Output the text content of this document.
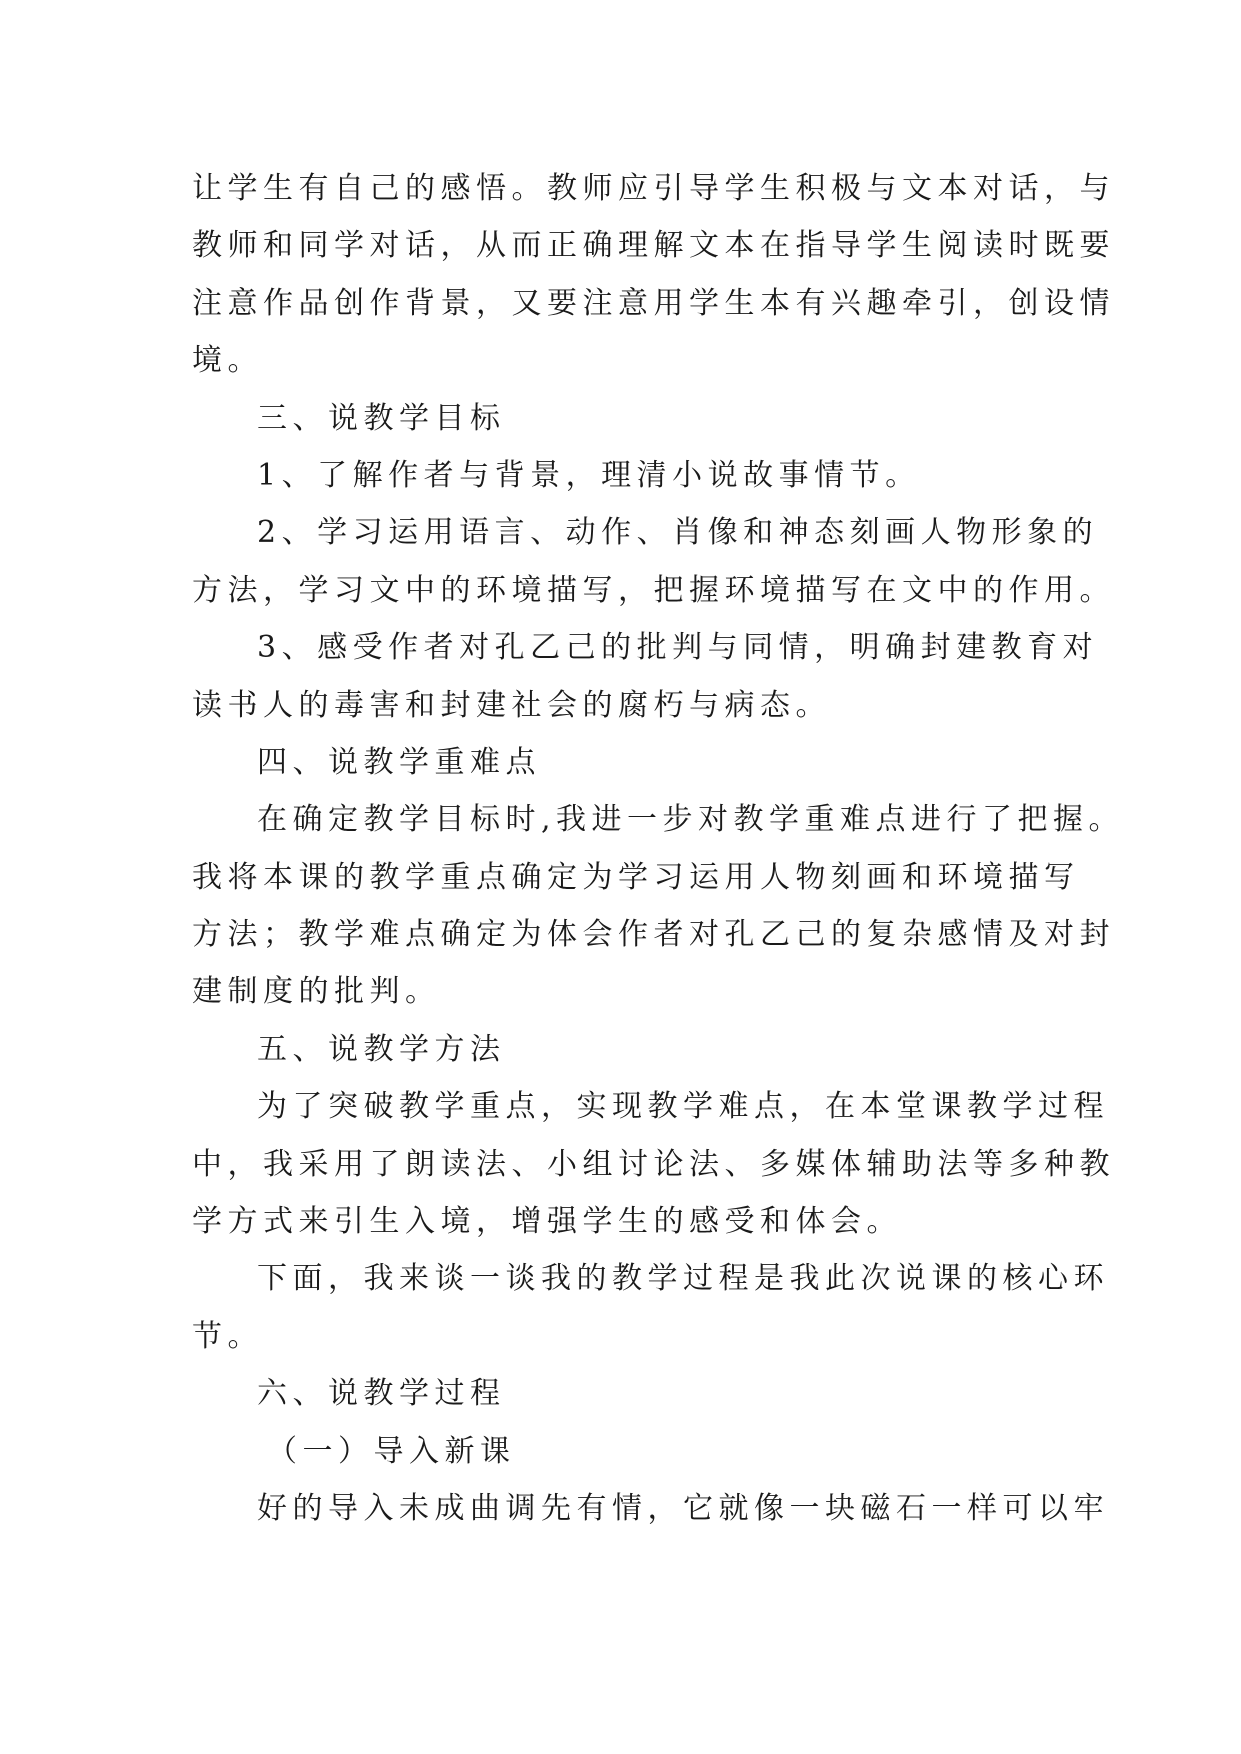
让学生有自己的感悟。教师应引导学生积极与文本对话，与

教师和同学对话，从而正确理解文本在指导学生阅读时既要

注意作品创作背景，又要注意用学生本有兴趣牵引，创设情

境。

三、说教学目标

1、了解作者与背景，理清小说故事情节。

2、学习运用语言、动作、肖像和神态刻画人物形象的

方法，学习文中的环境描写，把握环境描写在文中的作用。

3、感受作者对孔乙己的批判与同情，明确封建教育对

读书人的毒害和封建社会的腐朽与病态。

四、说教学重难点

在确定教学目标时,我进一步对教学重难点进行了把握。

我将本课的教学重点确定为学习运用人物刻画和环境描写

方法；教学难点确定为体会作者对孔乙己的复杂感情及对封

建制度的批判。

五、说教学方法

为了突破教学重点，实现教学难点，在本堂课教学过程

中，我采用了朗读法、小组讨论法、多媒体辅助法等多种教

学方式来引生入境，增强学生的感受和体会。

下面，我来谈一谈我的教学过程是我此次说课的核心环

节。

六、说教学过程

（一）导入新课

好的导入未成曲调先有情，它就像一块磁石一样可以牢
